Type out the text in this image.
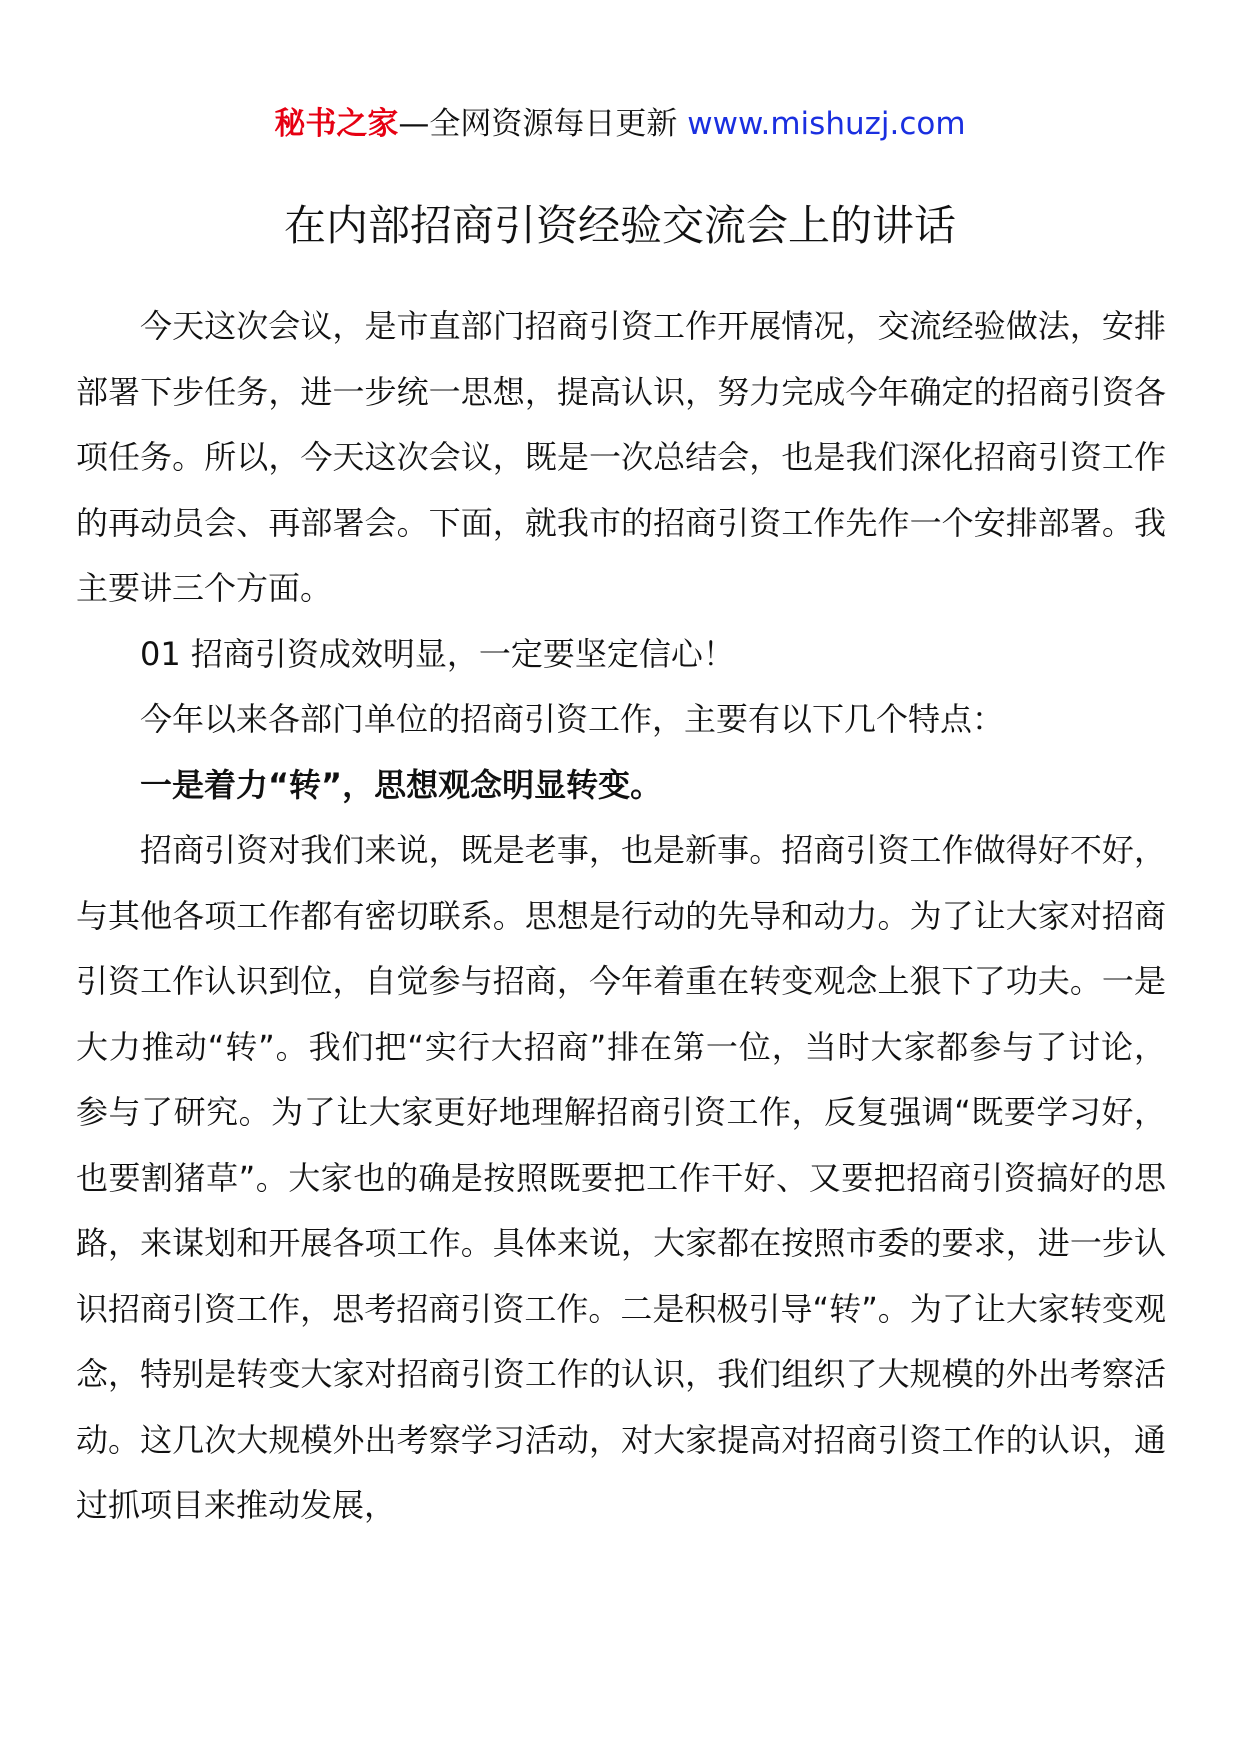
秘书之家—全网资源每日更新 www.mishuzj.com
在内部招商引资经验交流会上的讲话

今天这次会议，是市直部门招商引资工作开展情况，交流经验做法，安排部署下步任务，进一步统一思想，提高认识，努力完成今年确定的招商引资各项任务。所以，今天这次会议，既是一次总结会，也是我们深化招商引资工作的再动员会、再部署会。下面，就我市的招商引资工作先作一个安排部署。我主要讲三个方面。

01 招商引资成效明显，一定要坚定信心！

今年以来各部门单位的招商引资工作，主要有以下几个特点：

一是着力“转”，思想观念明显转变。

招商引资对我们来说，既是老事，也是新事。招商引资工作做得好不好，与其他各项工作都有密切联系。思想是行动的先导和动力。为了让大家对招商引资工作认识到位，自觉参与招商，今年着重在转变观念上狠下了功夫。一是大力推动“转”。我们把“实行大招商”排在第一位，当时大家都参与了讨论，参与了研究。为了让大家更好地理解招商引资工作，反复强调“既要学习好，也要割猪草”。大家也的确是按照既要把工作干好、又要把招商引资搞好的思路，来谋划和开展各项工作。具体来说，大家都在按照市委的要求，进一步认识招商引资工作，思考招商引资工作。二是积极引导“转”。为了让大家转变观念，特别是转变大家对招商引资工作的认识，我们组织了大规模的外出考察活动。这几次大规模外出考察学习活动，对大家提高对招商引资工作的认识，通过抓项目来推动发展，
